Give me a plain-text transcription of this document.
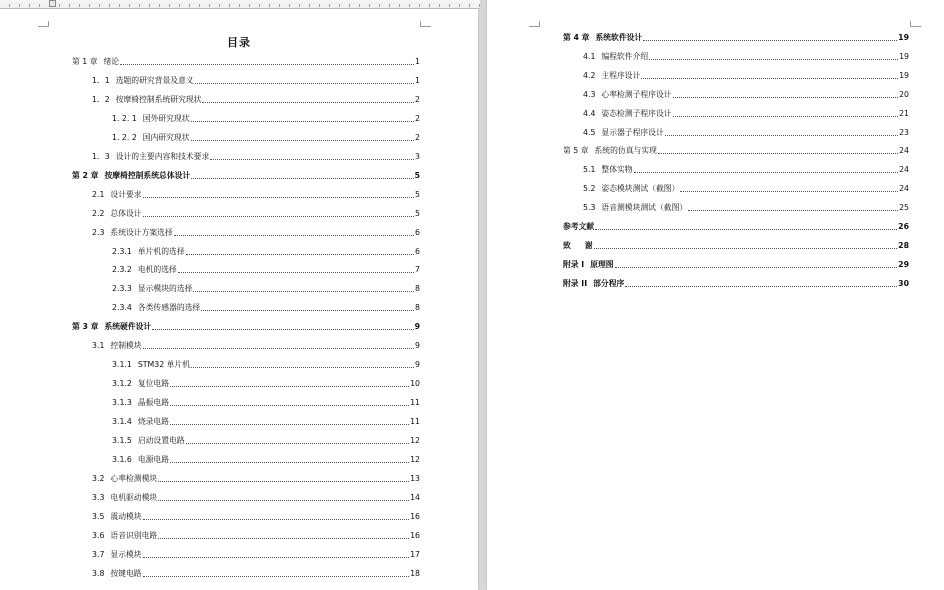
目录
第 1 章 绪论	1
1．1 选题的研究背景及意义	1
1．2 按摩椅控制系统研究现状	2
1. 2. 1 国外研究现状	2
1. 2. 2 国内研究现状	2
1．3 设计的主要内容和技术要求	3
第 2 章 按摩椅控制系统总体设计	5
2.1 设计要求	5
2.2 总体设计	5
2.3 系统设计方案选择	6
2.3.1 单片机的选择	6
2.3.2 电机的选择	7
2.3.3 显示模块的选择	8
2.3.4 各类传感器的选择	8
第 3 章 系统硬件设计	9
3.1 控制模块	9
3.1.1 STM32 单片机	9
3.1.2 复位电路	10
3.1.3 晶振电路	11
3.1.4 烧录电路	11
3.1.5 启动设置电路	12
3.1.6 电源电路	12
3.2 心率检测模块	13
3.3 电机驱动模块	14
3.5 震动模块	16
3.6 语音识别电路	16
3.7 显示模块	17
3.8 按键电路	18
第 4 章 系统软件设计	19
4.1 编程软件介绍	19
4.2 主程序设计	19
4.3 心率检测子程序设计	20
4.4 姿态检测子程序设计	21
4.5 显示器子程序设计	23
第 5 章 系统的仿真与实现	24
5.1 整体实物	24
5.2 姿态模块测试（截图）	24
5.3 语音测模块测试（截图）	25
参考文献	26
致 谢	28
附录 I 原理图	29
附录 II 部分程序	30
